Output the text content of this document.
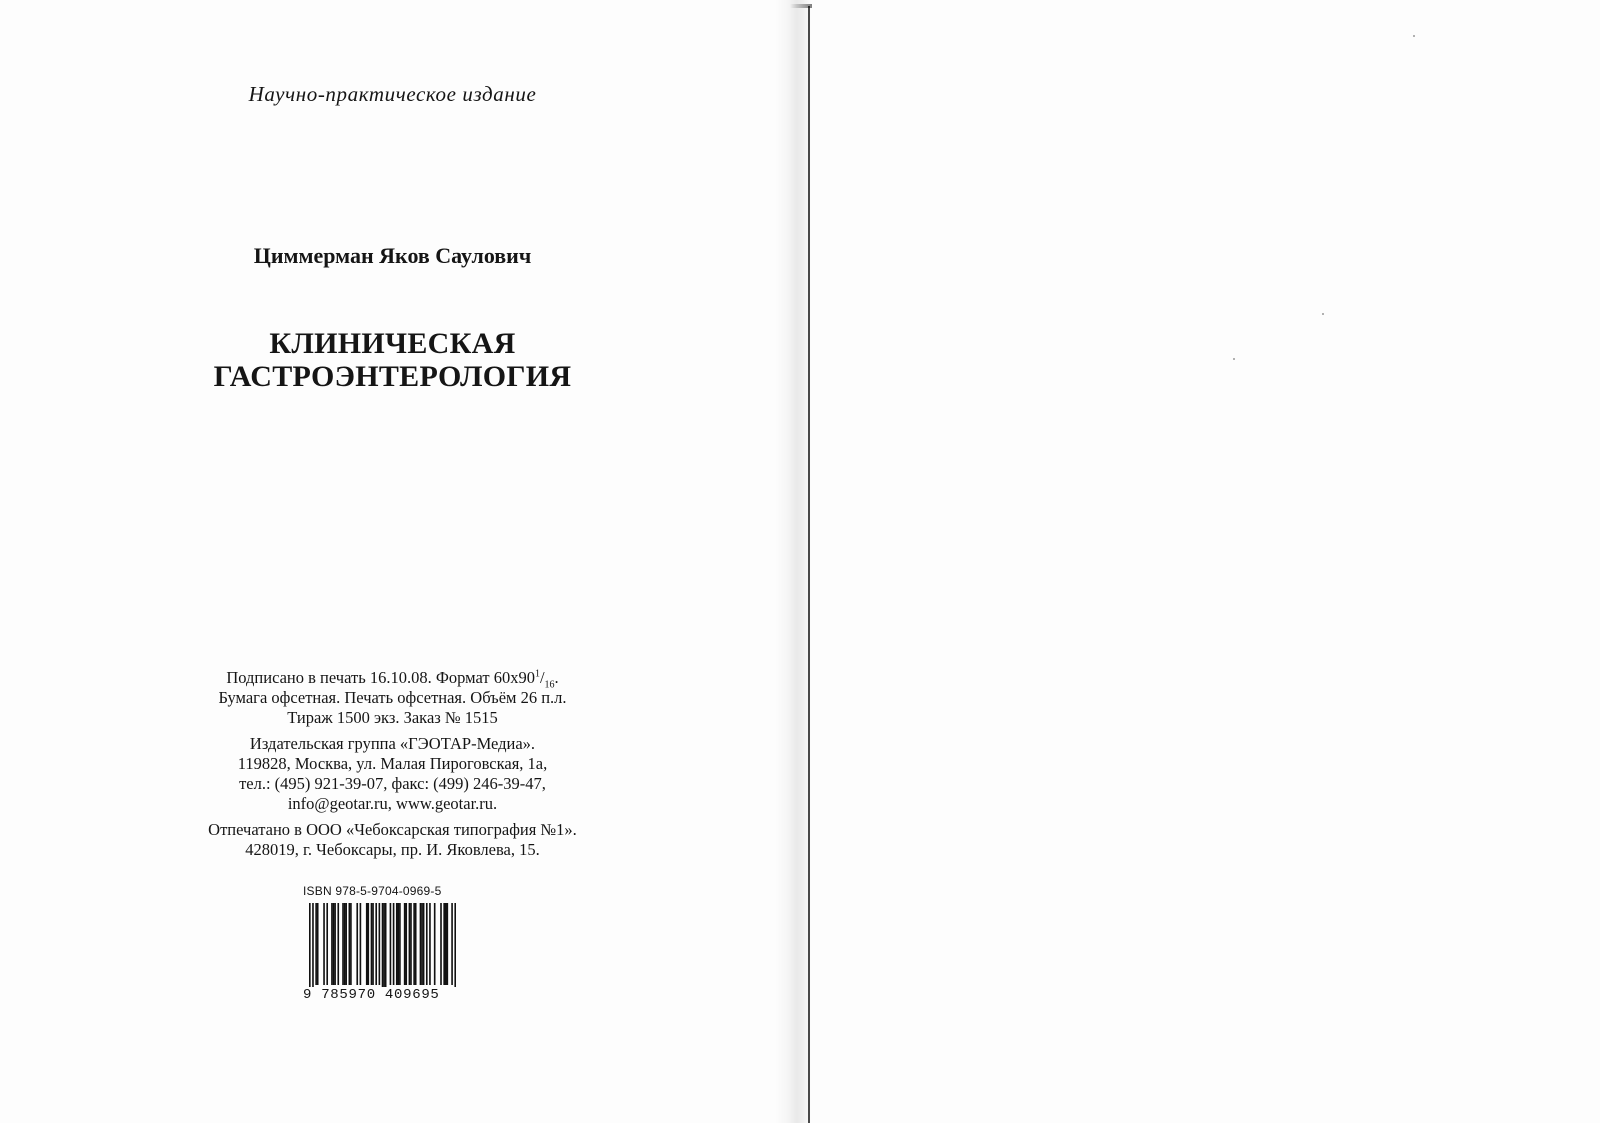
Научно-практическое издание
Циммерман Яков Саулович
КЛИНИЧЕСКАЯ
ГАСТРОЭНТЕРОЛОГИЯ
Подписано в печать 16.10.08. Формат $60х90^1/_{16}$.
Бумага офсетная. Печать офсетная. Объём 26 п.л.
Тираж 1500 экз. Заказ № 1515
Издательская группа «ГЭОТАР-Медиа».
119828, Москва, ул. Малая Пироговская, 1а,
тел.: (495) 921-39-07, факс: (499) 246-39-47,
info@geotar.ru, www.geotar.ru.
Отпечатано в ООО «Чебоксарская типография №1».
428019, г. Чебоксары, пр. И. Яковлева, 15.
ISBN 978-5-9704-0969-5
9 785970 409695
